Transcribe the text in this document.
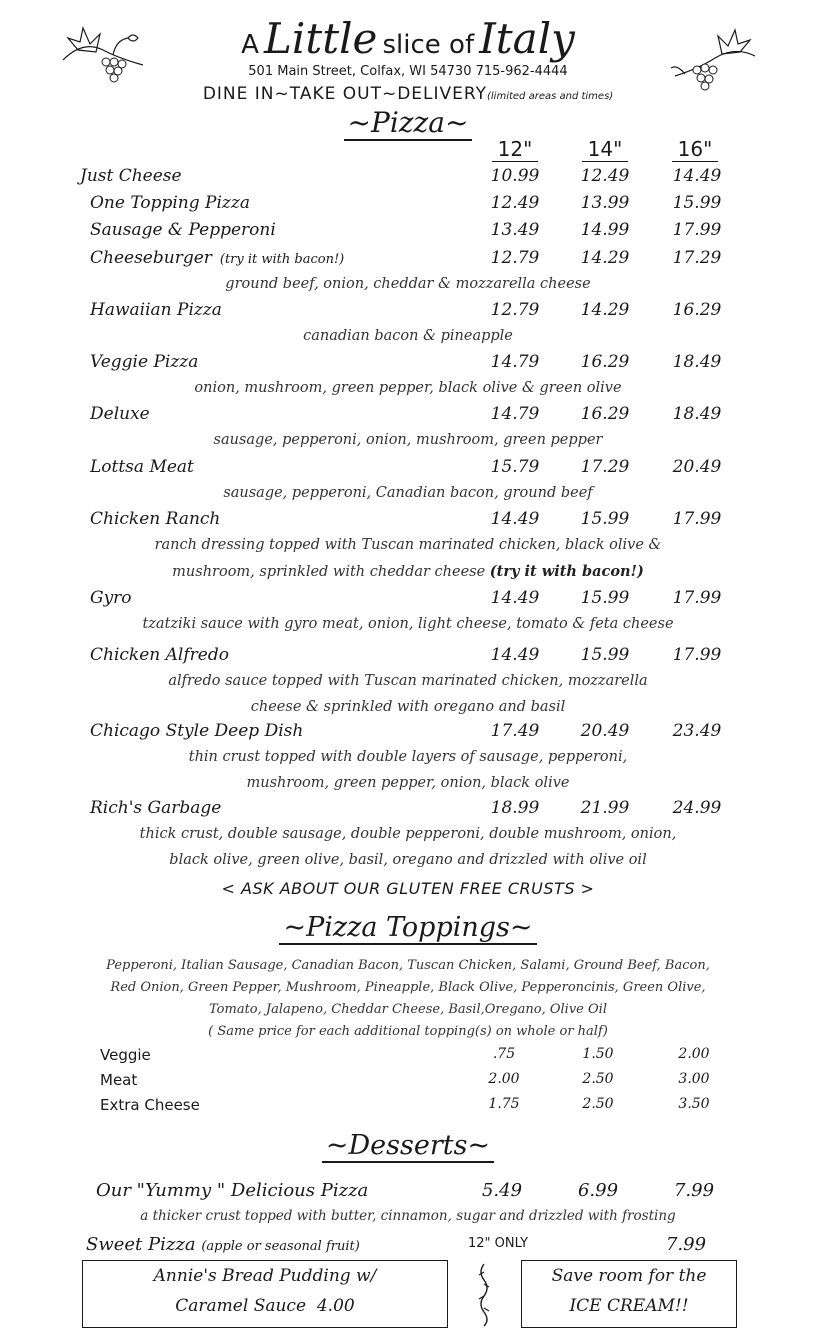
A Little slice of Italy
501 Main Street, Colfax, WI 54730 715-962-4444
DINE IN~TAKE OUT~DELIVERY(limited areas and times)
~Pizza~
12"	14"	16"
Just Cheese	10.99	12.49	14.49
One Topping Pizza	12.49	13.99	15.99
Sausage & Pepperoni	13.49	14.99	17.99
Cheeseburger (try it with bacon!)	12.79	14.29	17.29
ground beef, onion, cheddar & mozzarella cheese
Hawaiian Pizza	12.79	14.29	16.29
canadian bacon & pineapple
Veggie Pizza	14.79	16.29	18.49
onion, mushroom, green pepper, black olive & green olive
Deluxe	14.79	16.29	18.49
sausage, pepperoni, onion, mushroom, green pepper
Lottsa Meat	15.79	17.29	20.49
sausage, pepperoni, Canadian bacon, ground beef
Chicken Ranch	14.49	15.99	17.99
ranch dressing topped with Tuscan marinated chicken, black olive &
mushroom, sprinkled with cheddar cheese (try it with bacon!)
Gyro	14.49	15.99	17.99
tzatziki sauce with gyro meat, onion, light cheese, tomato & feta cheese
Chicken Alfredo	14.49	15.99	17.99
alfredo sauce topped with Tuscan marinated chicken, mozzarella
cheese & sprinkled with oregano and basil
Chicago Style Deep Dish	17.49	20.49	23.49
thin crust topped with double layers of sausage, pepperoni,
mushroom, green pepper, onion, black olive
Rich's Garbage	18.99	21.99	24.99
thick crust, double sausage, double pepperoni, double mushroom, onion,
black olive, green olive, basil, oregano and drizzled with olive oil
< ASK ABOUT OUR GLUTEN FREE CRUSTS >
~Pizza Toppings~
Pepperoni, Italian Sausage, Canadian Bacon, Tuscan Chicken, Salami, Ground Beef, Bacon,
Red Onion, Green Pepper, Mushroom, Pineapple, Black Olive, Pepperoncinis, Green Olive,
Tomato, Jalapeno, Cheddar Cheese, Basil,Oregano, Olive Oil
( Same price for each additional topping(s) on whole or half)
Veggie	.75	1.50	2.00
Meat	2.00	2.50	3.00
Extra Cheese	1.75	2.50	3.50
~Desserts~
Our "Yummy " Delicious Pizza	5.49	6.99	7.99
a thicker crust topped with butter, cinnamon, sugar and drizzled with frosting
Sweet Pizza (apple or seasonal fruit)	12" ONLY	7.99
Annie's Bread Pudding w/
Caramel Sauce 4.00
Save room for the
ICE CREAM!!
